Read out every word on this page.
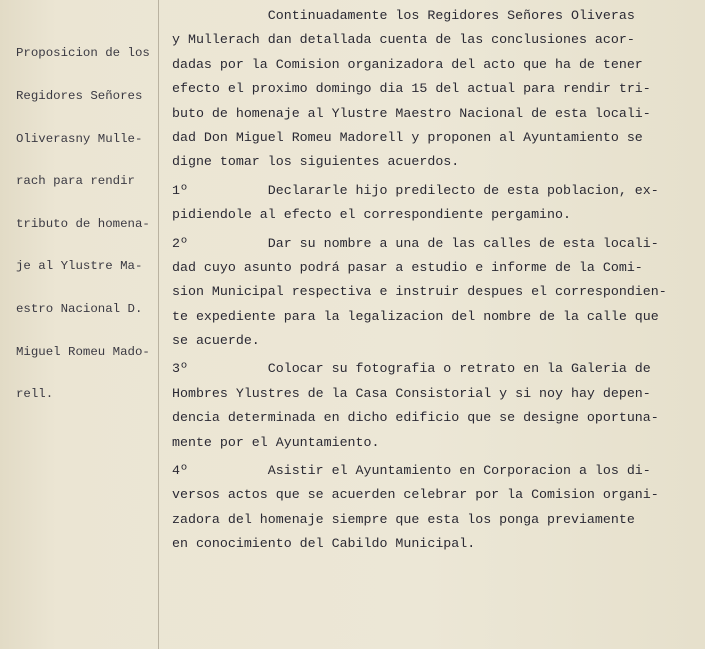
Proposicion de los

Regidores Señores

Oliverasny Mulle-

rach para rendir

tributo de homena-

je al Ylustre Ma-

estro Nacional D.

Miguel Romeu Mado-

rell.

Continuadamente los Regidores Señores Oliveras
y Mullerach dan detallada cuenta de las conclusiones acor-
dadas por la Comision organizadora del acto que ha de tener
efecto el proximo domingo dia 15 del actual para rendir tri-
buto de homenaje al Ylustre Maestro Nacional de esta locali-
dad Don Miguel Romeu Madorell y proponen al Ayuntamiento se
digne tomar los siguientes acuerdos.
1º          Declararle hijo predilecto de esta poblacion, ex-
pidiendole al efecto el correspondiente pergamino.
2º          Dar su nombre a una de las calles de esta locali-
dad cuyo asunto podrá pasar a estudio e informe de la Comi-
sion Municipal respectiva e instruir despues el correspondien-
te expediente para la legalizacion del nombre de la calle que
se acuerde.
3º          Colocar su fotografia o retrato en la Galeria de
Hombres Ylustres de la Casa Consistorial y si noy hay depen-
dencia determinada en dicho edificio que se designe oportuna-
mente por el Ayuntamiento.
4º          Asistir el Ayuntamiento en Corporacion a los di-
versos actos que se acuerden celebrar por la Comision organi-
zadora del homenaje siempre que esta los ponga previamente
en conocimiento del Cabildo Municipal.
